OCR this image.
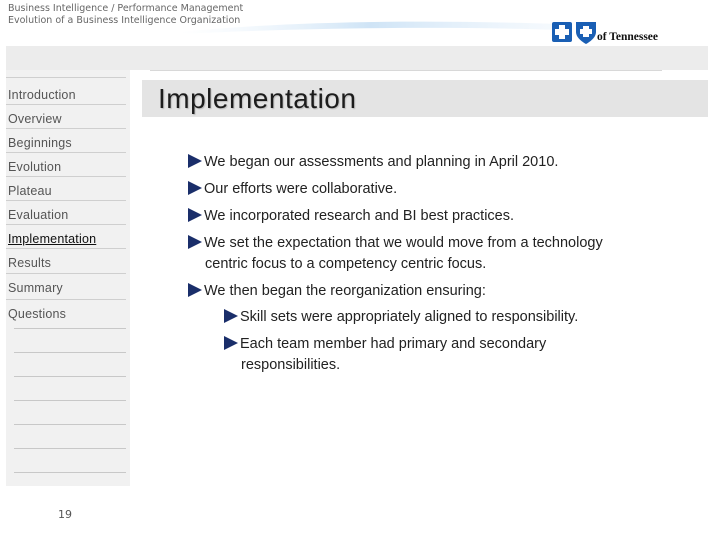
Business Intelligence / Performance Management
Evolution of a Business Intelligence Organization
of Tennessee
Introduction
Overview
Beginnings
Evolution
Plateau
Evaluation
Implementation
Results
Summary
Questions
19
Implementation
We began our assessments and planning in April 2010.
Our efforts were collaborative.
We incorporated research and BI best practices.
We set the expectation that we would move from a technology
centric focus to a competency centric focus.
We then began the reorganization ensuring:
Skill sets were appropriately aligned to responsibility.
Each team member had primary and secondary
responsibilities.
